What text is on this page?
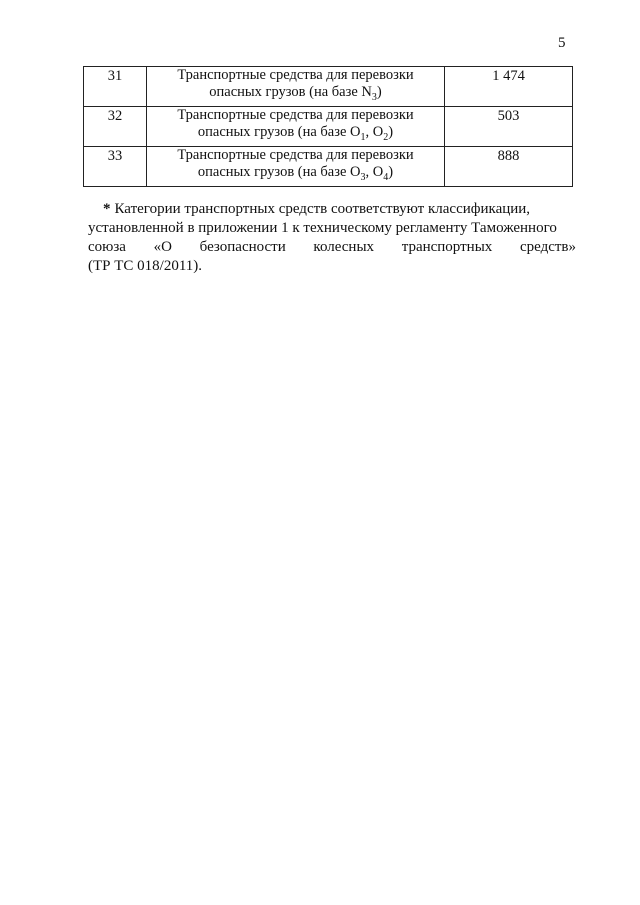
5
31	Транспортные средства для перевозки
опасных грузов (на базе $N_3$)	1 474
32	Транспортные средства для перевозки
опасных грузов (на базе $O_1$, $O_2$)	503
33	Транспортные средства для перевозки
опасных грузов (на базе $O_3$, $O_4$)	888
* Категории транспортных средств соответствуют классификации,
установленной в приложении 1 к техническому регламенту Таможенного
союза «О безопасности колесных транспортных средств»
(ТР ТС 018/2011).
